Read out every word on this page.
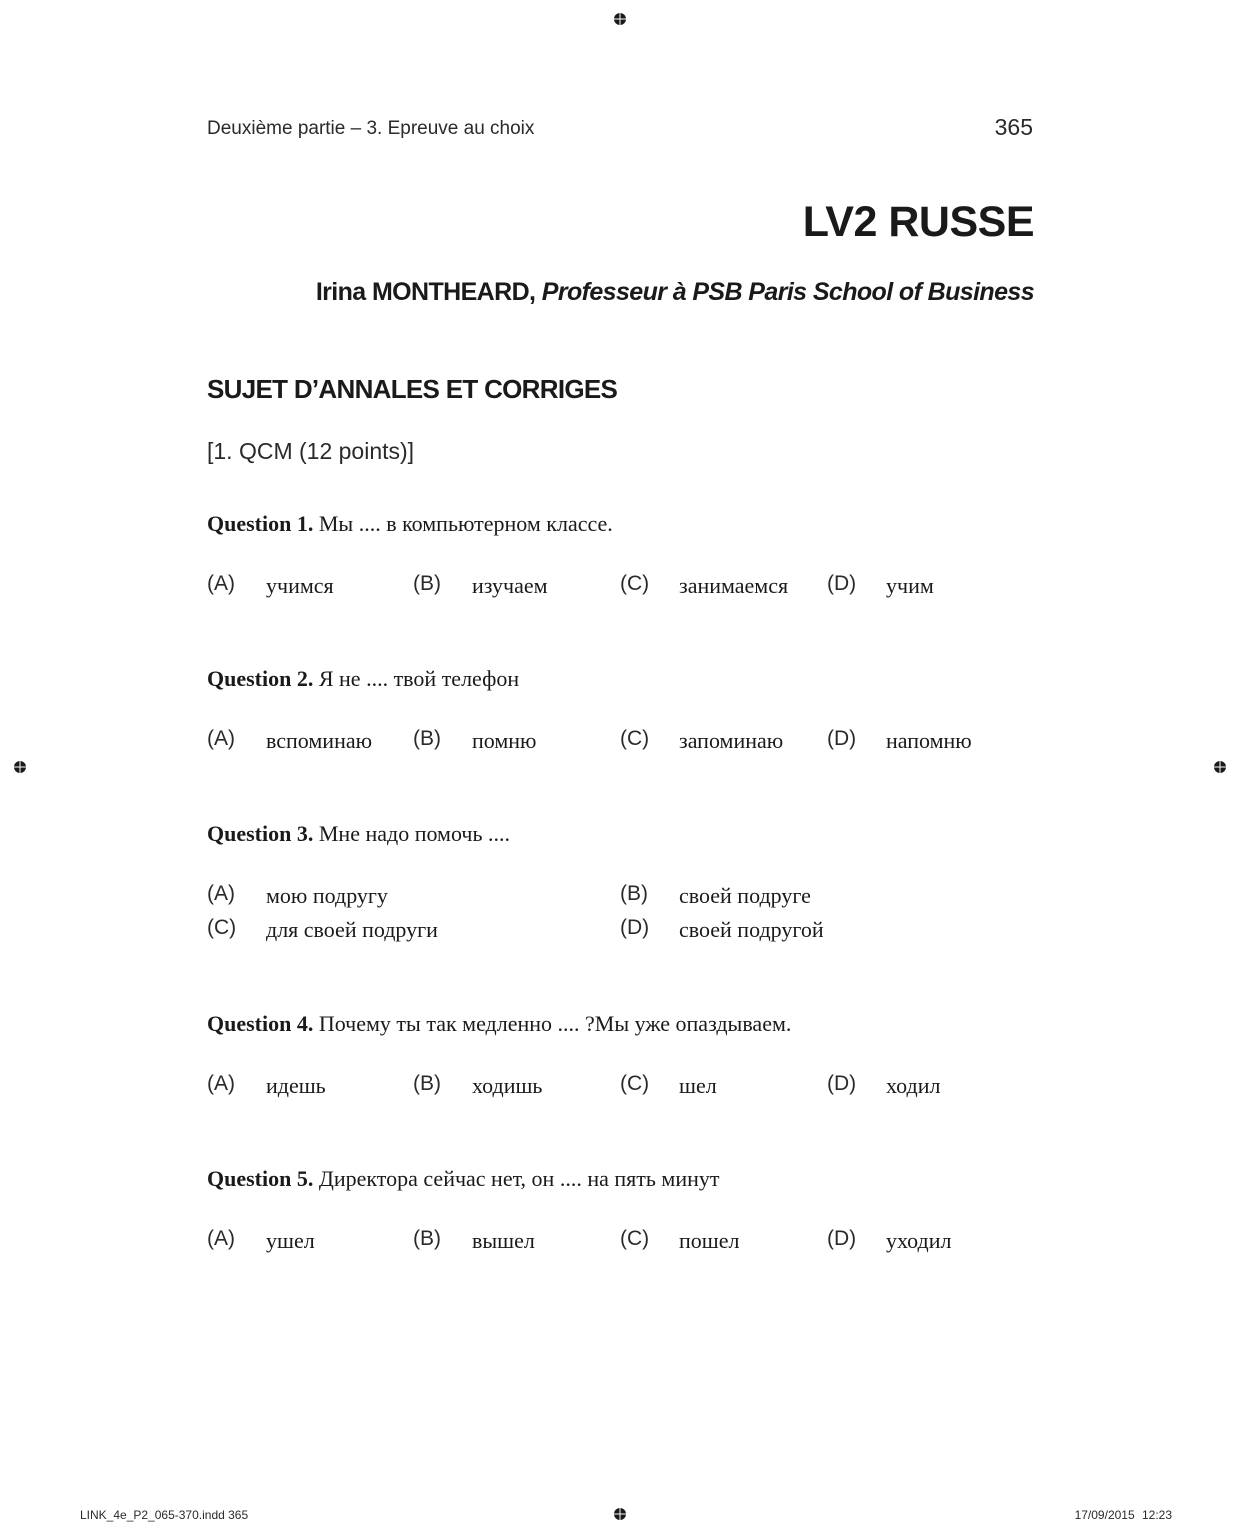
Deuxième partie – 3. Epreuve au choix	365
LV2 RUSSE
Irina MONTHEARD, Professeur à PSB Paris School of Business
SUJET D’ANNALES ET CORRIGES
[1. QCM (12 points)]
Question 1. Мы .... в компьютерном классе.
(A) учимся	(B) изучаем	(C) занимаемся (D) учим
Question 2. Я не .... твой телефон
(A) вспоминаю (B) помню	(C) запоминаю (D) напомню
Question 3. Мне надо помочь ....
(A) мою подругу	(B) своей подруге
(C) для своей подруги	(D) своей подругой
Question 4. Почему ты так медленно .... ?Мы уже опаздываем.
(A) идешь	(B) ходишь	(C) шел	(D) ходил
Question 5. Директора сейчас нет, он .... на пять минут
(A) ушел	(B) вышел	(C) пошел	(D) уходил
LINK_4e_P2_065-370.indd 365	17/09/2015 12:23
